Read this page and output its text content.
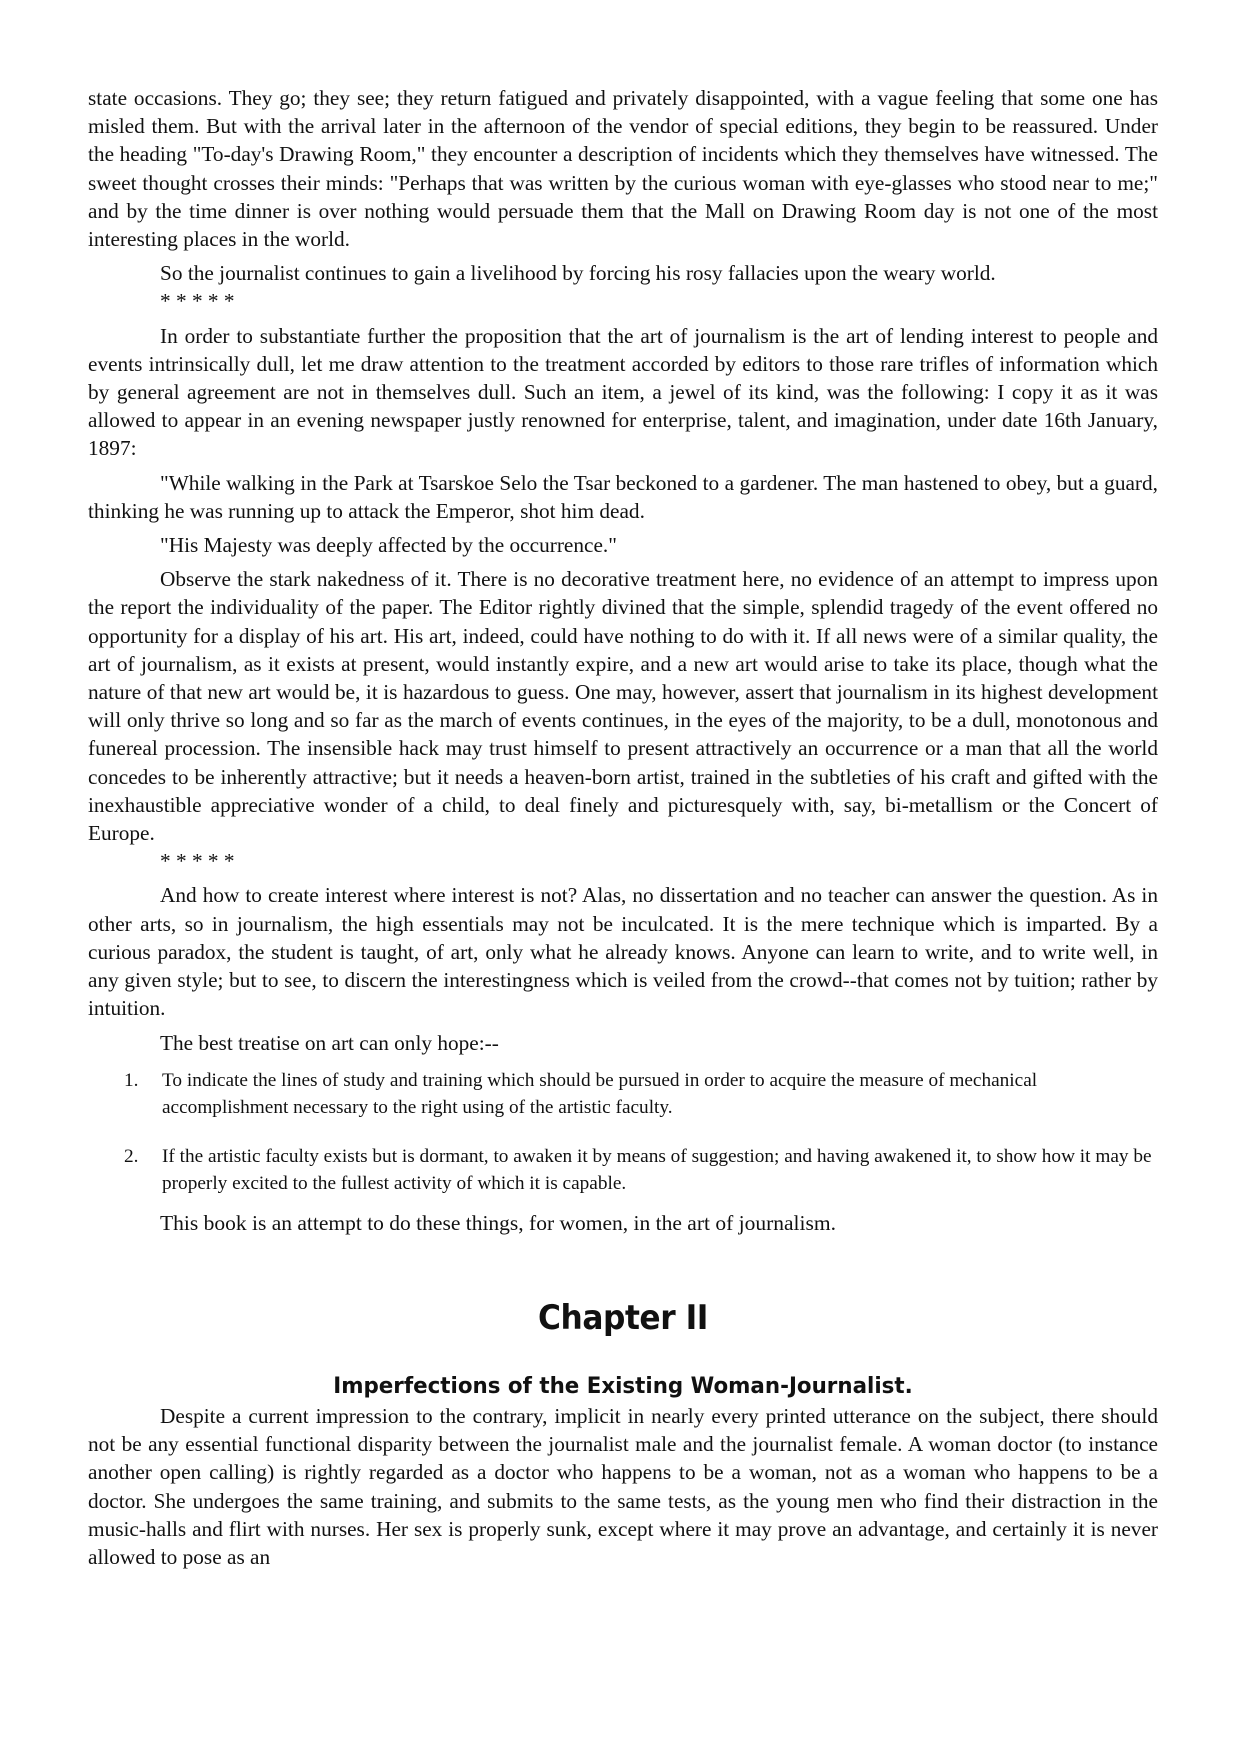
state occasions. They go; they see; they return fatigued and privately disappointed, with a vague feeling that some one has misled them. But with the arrival later in the afternoon of the vendor of special editions, they begin to be reassured. Under the heading "To-day's Drawing Room," they encounter a description of incidents which they themselves have witnessed. The sweet thought crosses their minds: "Perhaps that was written by the curious woman with eye-glasses who stood near to me;" and by the time dinner is over nothing would persuade them that the Mall on Drawing Room day is not one of the most interesting places in the world.

So the journalist continues to gain a livelihood by forcing his rosy fallacies upon the weary world.

* * * * *

In order to substantiate further the proposition that the art of journalism is the art of lending interest to people and events intrinsically dull, let me draw attention to the treatment accorded by editors to those rare trifles of information which by general agreement are not in themselves dull. Such an item, a jewel of its kind, was the following: I copy it as it was allowed to appear in an evening newspaper justly renowned for enterprise, talent, and imagination, under date 16th January, 1897:

"While walking in the Park at Tsarskoe Selo the Tsar beckoned to a gardener. The man hastened to obey, but a guard, thinking he was running up to attack the Emperor, shot him dead.

"His Majesty was deeply affected by the occurrence."

Observe the stark nakedness of it. There is no decorative treatment here, no evidence of an attempt to impress upon the report the individuality of the paper. The Editor rightly divined that the simple, splendid tragedy of the event offered no opportunity for a display of his art. His art, indeed, could have nothing to do with it. If all news were of a similar quality, the art of journalism, as it exists at present, would instantly expire, and a new art would arise to take its place, though what the nature of that new art would be, it is hazardous to guess. One may, however, assert that journalism in its highest development will only thrive so long and so far as the march of events continues, in the eyes of the majority, to be a dull, monotonous and funereal procession. The insensible hack may trust himself to present attractively an occurrence or a man that all the world concedes to be inherently attractive; but it needs a heaven-born artist, trained in the subtleties of his craft and gifted with the inexhaustible appreciative wonder of a child, to deal finely and picturesquely with, say, bi-metallism or the Concert of Europe.

* * * * *

And how to create interest where interest is not? Alas, no dissertation and no teacher can answer the question. As in other arts, so in journalism, the high essentials may not be inculcated. It is the mere technique which is imparted. By a curious paradox, the student is taught, of art, only what he already knows. Anyone can learn to write, and to write well, in any given style; but to see, to discern the interestingness which is veiled from the crowd--that comes not by tuition; rather by intuition.

The best treatise on art can only hope:--

1. To indicate the lines of study and training which should be pursued in order to acquire the measure of mechanical accomplishment necessary to the right using of the artistic faculty.
2. If the artistic faculty exists but is dormant, to awaken it by means of suggestion; and having awakened it, to show how it may be properly excited to the fullest activity of which it is capable.

This book is an attempt to do these things, for women, in the art of journalism.

Chapter II
Imperfections of the Existing Woman-Journalist.

Despite a current impression to the contrary, implicit in nearly every printed utterance on the subject, there should not be any essential functional disparity between the journalist male and the journalist female. A woman doctor (to instance another open calling) is rightly regarded as a doctor who happens to be a woman, not as a woman who happens to be a doctor. She undergoes the same training, and submits to the same tests, as the young men who find their distraction in the music-halls and flirt with nurses. Her sex is properly sunk, except where it may prove an advantage, and certainly it is never allowed to pose as an
